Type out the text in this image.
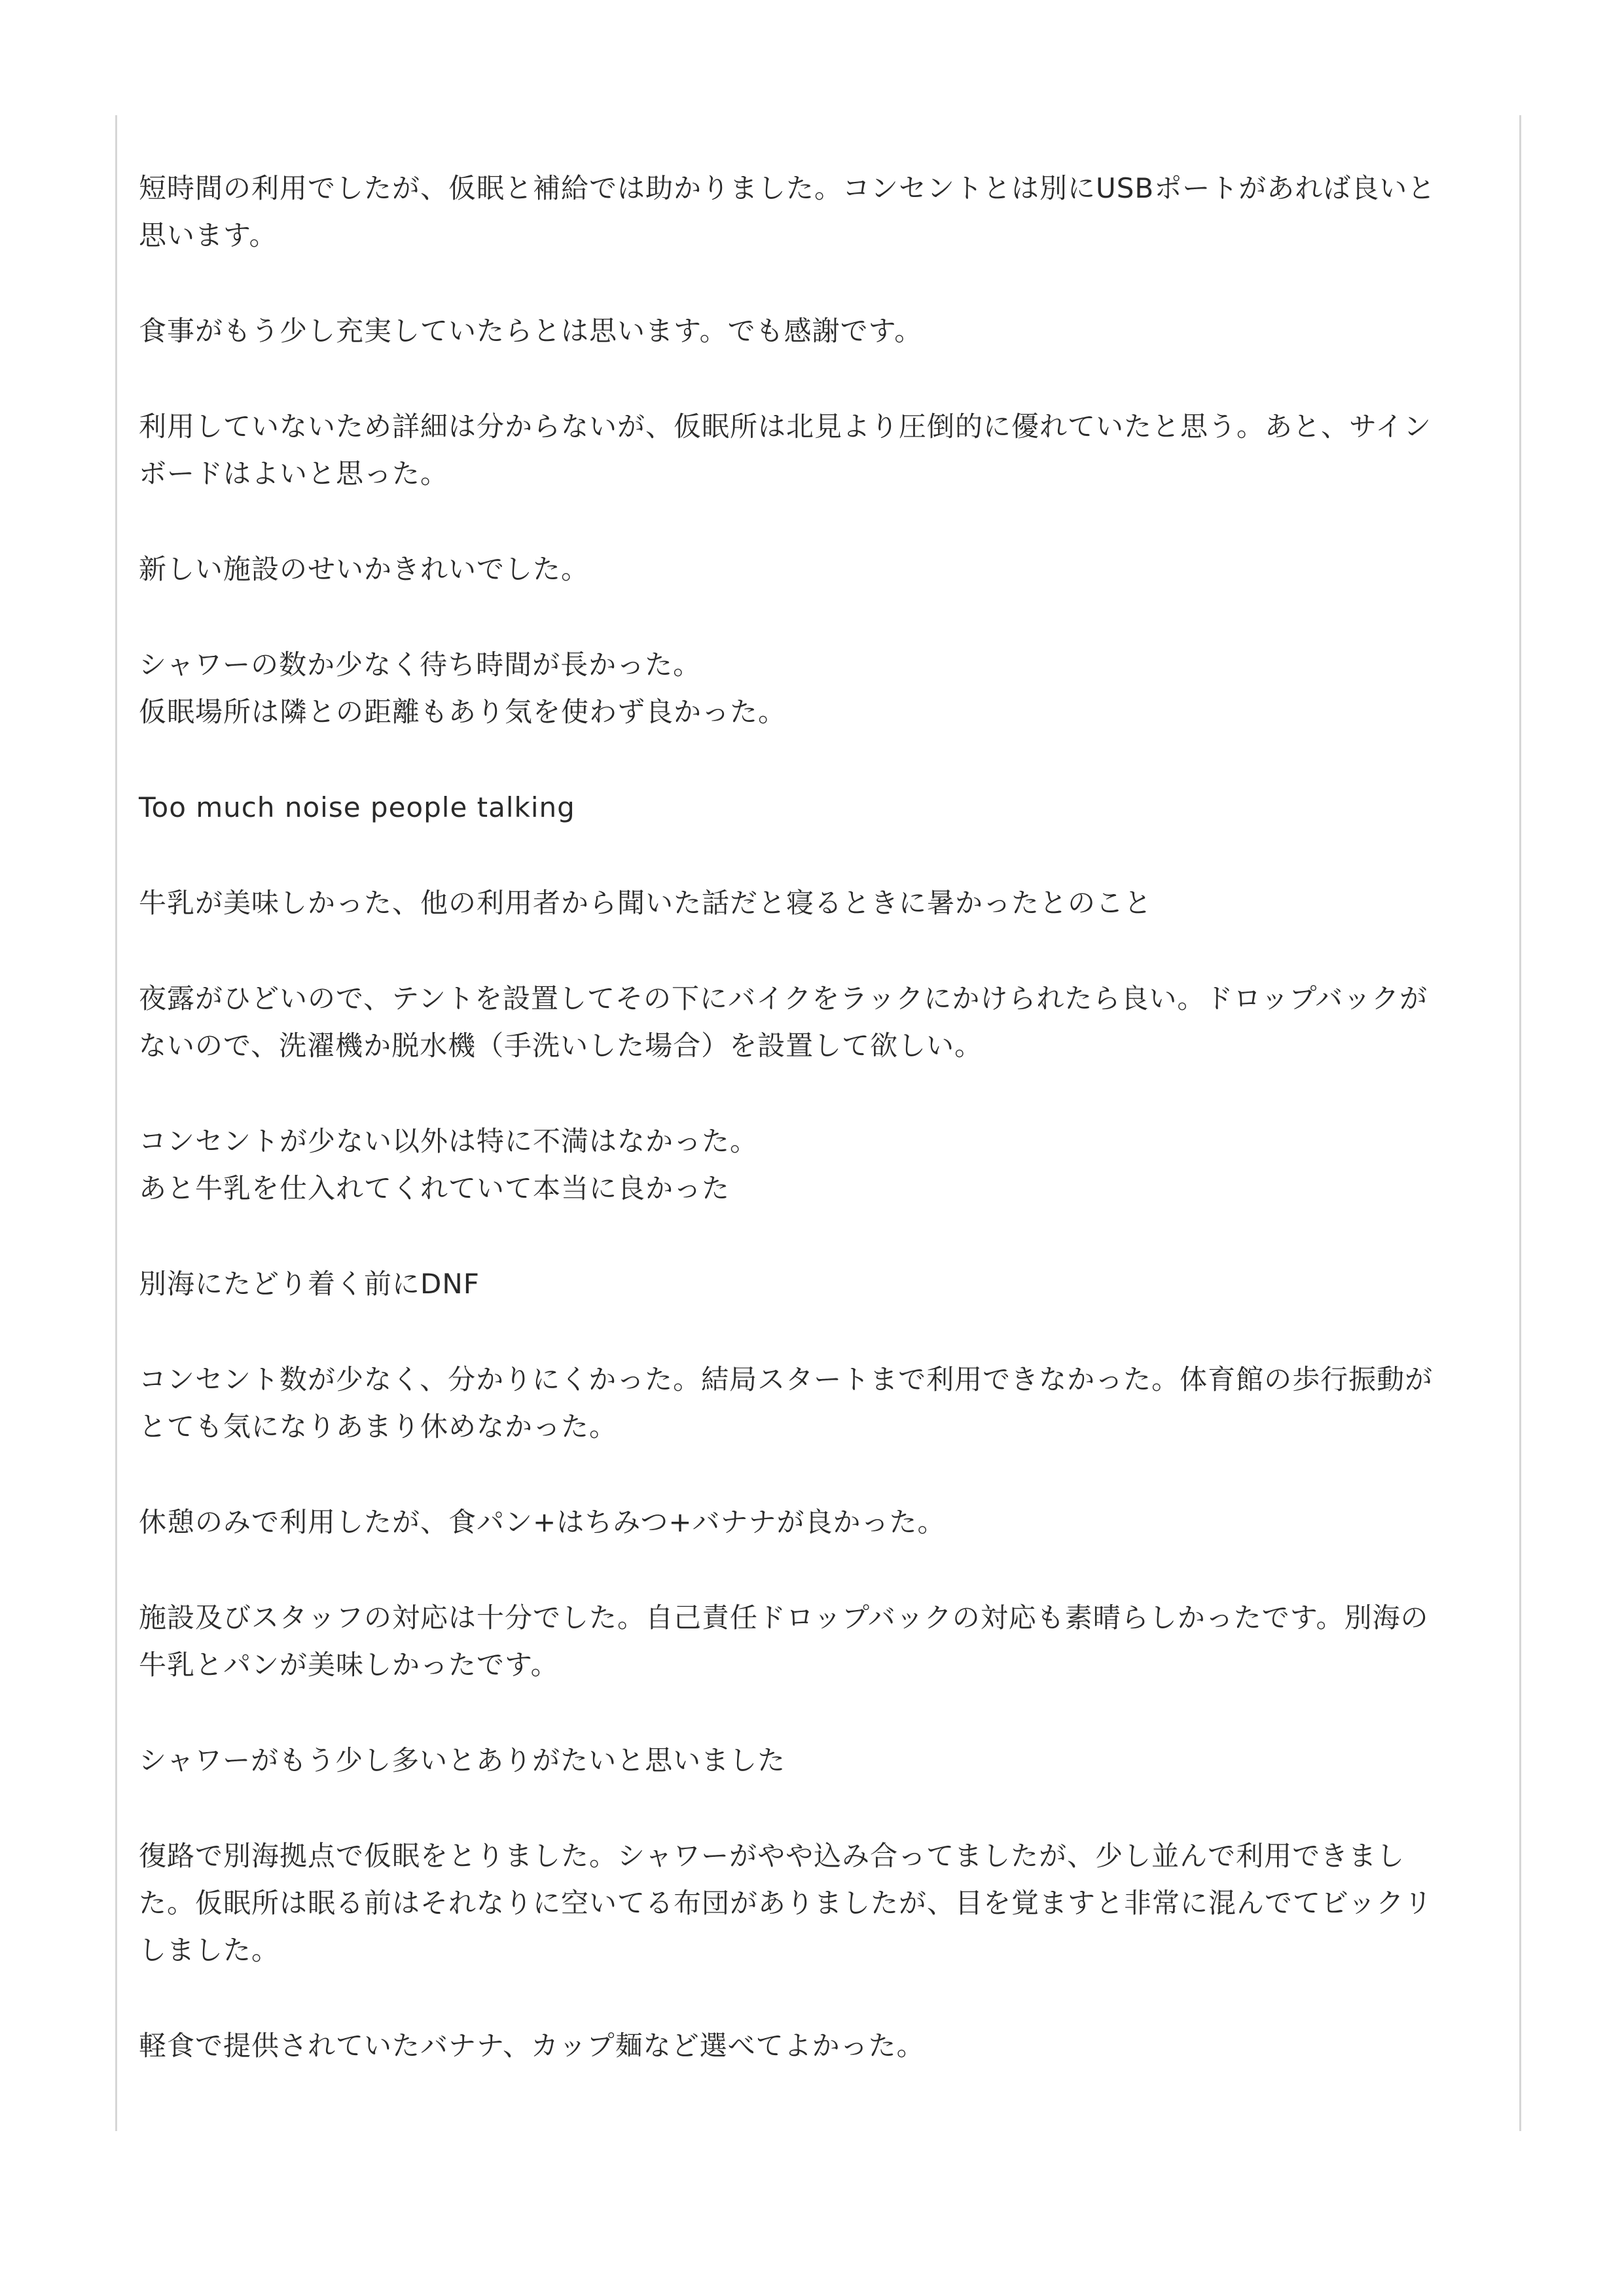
短時間の利用でしたが、仮眠と補給では助かりました。コンセントとは別にUSBポートがあれば良いと思います。
食事がもう少し充実していたらとは思います。でも感謝です。
利用していないため詳細は分からないが、仮眠所は北見より圧倒的に優れていたと思う。あと、サインボードはよいと思った。
新しい施設のせいかきれいでした。
シャワーの数か少なく待ち時間が長かった。
仮眠場所は隣との距離もあり気を使わず良かった。
Too much noise people talking
牛乳が美味しかった、他の利用者から聞いた話だと寝るときに暑かったとのこと
夜露がひどいので、テントを設置してその下にバイクをラックにかけられたら良い。ドロップバックがないので、洗濯機か脱水機（手洗いした場合）を設置して欲しい。
コンセントが少ない以外は特に不満はなかった。
あと牛乳を仕入れてくれていて本当に良かった
別海にたどり着く前にDNF
コンセント数が少なく、分かりにくかった。結局スタートまで利用できなかった。体育館の歩行振動がとても気になりあまり休めなかった。
休憩のみで利用したが、食パン+はちみつ+バナナが良かった。
施設及びスタッフの対応は十分でした。自己責任ドロップバックの対応も素晴らしかったです。別海の牛乳とパンが美味しかったです。
シャワーがもう少し多いとありがたいと思いました
復路で別海拠点で仮眠をとりました。シャワーがやや込み合ってましたが、少し並んで利用できました。仮眠所は眠る前はそれなりに空いてる布団がありましたが、目を覚ますと非常に混んでてビックリしました。
軽食で提供されていたバナナ、カップ麺など選べてよかった。
